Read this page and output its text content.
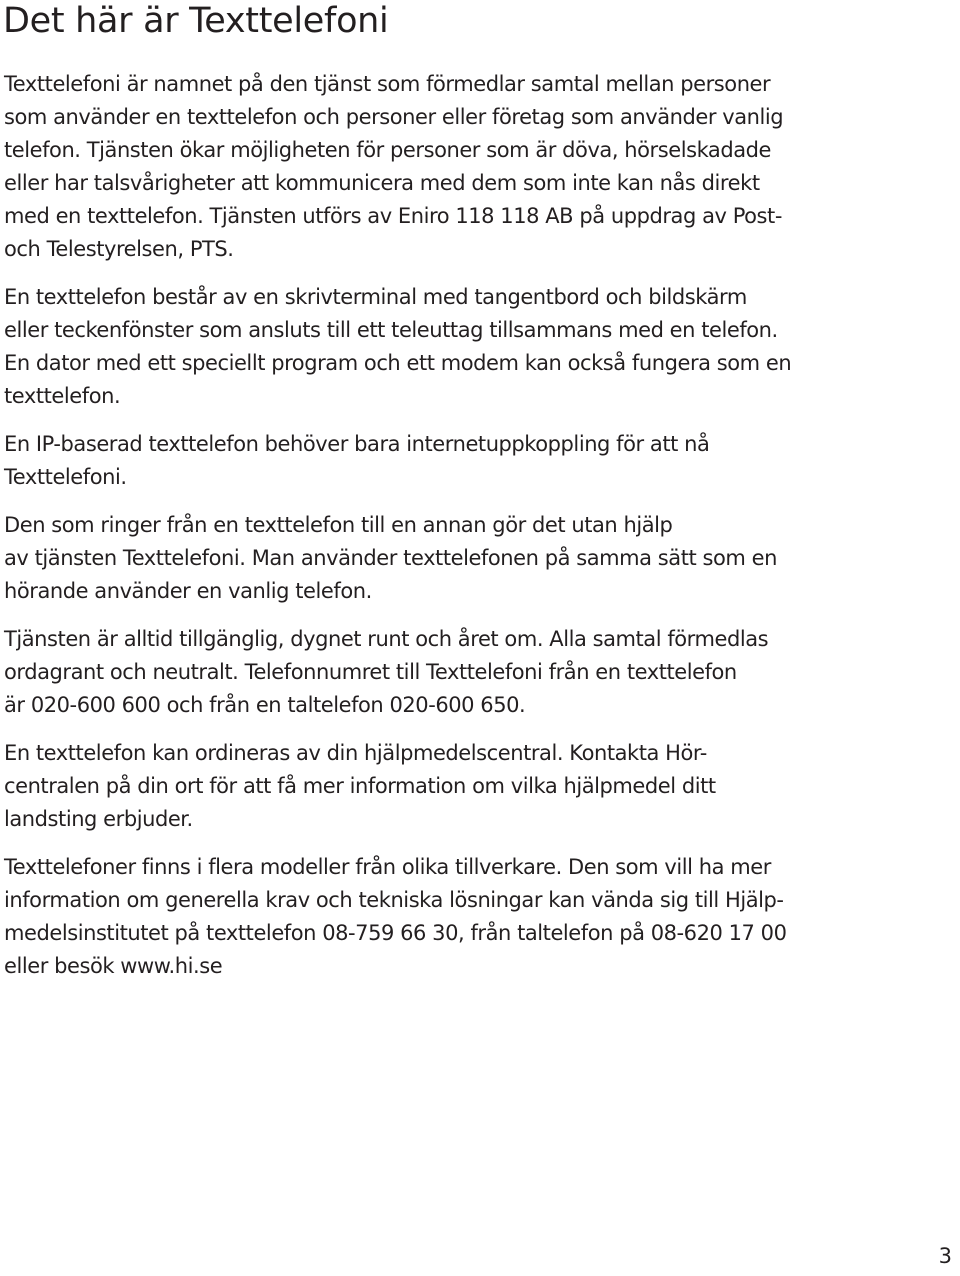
Det här är Texttelefoni

Texttelefoni är namnet på den tjänst som förmedlar samtal mellan personer
som använder en texttelefon och personer eller företag som använder vanlig
telefon. Tjänsten ökar möjligheten för personer som är döva, hörselskadade
eller har talsvårigheter att kommunicera med dem som inte kan nås direkt
med en texttelefon. Tjänsten utförs av Eniro 118 118 AB på uppdrag av Post-
och Telestyrelsen, PTS.

En texttelefon består av en skrivterminal med tangentbord och bildskärm
eller teckenfönster som ansluts till ett teleuttag tillsammans med en telefon.
En dator med ett speciellt program och ett modem kan också fungera som en
texttelefon.

En IP-baserad texttelefon behöver bara internetuppkoppling för att nå
Texttelefoni.

Den som ringer från en texttelefon till en annan gör det utan hjälp
av tjänsten Texttelefoni. Man använder texttelefonen på samma sätt som en
hörande använder en vanlig telefon.

Tjänsten är alltid tillgänglig, dygnet runt och året om. Alla samtal förmedlas
ordagrant och neutralt. Telefonnumret till Texttelefoni från en texttelefon
är 020-600 600 och från en taltelefon 020-600 650.

En texttelefon kan ordineras av din hjälpmedelscentral. Kontakta Hör-
centralen på din ort för att få mer information om vilka hjälpmedel ditt
landsting erbjuder.

Texttelefoner finns i flera modeller från olika tillverkare. Den som vill ha mer
information om generella krav och tekniska lösningar kan vända sig till Hjälp-
medelsinstitutet på texttelefon 08-759 66 30, från taltelefon på 08-620 17 00
eller besök www.hi.se

3
